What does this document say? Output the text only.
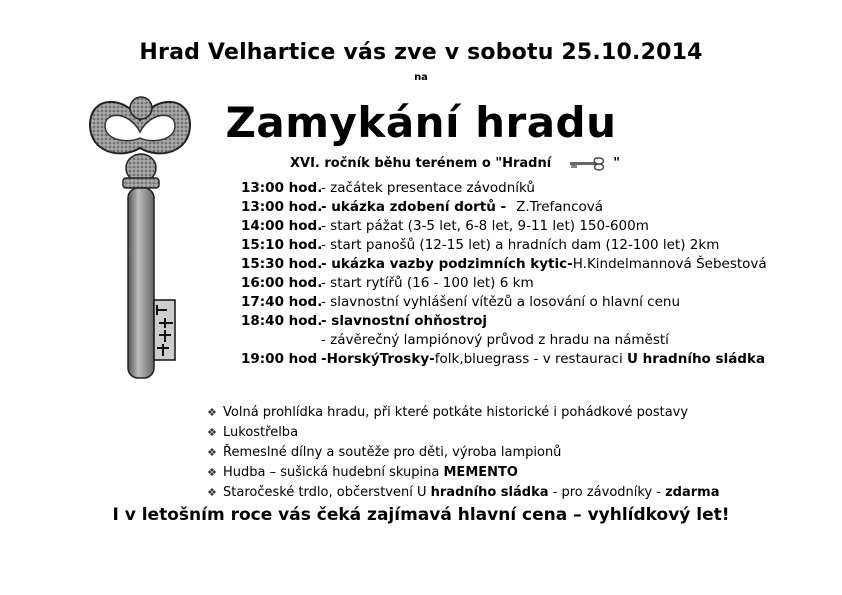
Hrad Velhartice vás zve v sobotu 25.10.2014
na
Zamykání hradu
XVI. ročník běhu terénem o "Hradní	"
13:00 hod.- začátek presentace závodníků
13:00 hod.- ukázka zdobení dortů - Z.Trefancová
14:00 hod.- start pážat (3-5 let, 6-8 let, 9-11 let) 150-600m
15:10 hod.- start panošů (12-15 let) a hradních dam (12-100 let) 2km
15:30 hod.- ukázka vazby podzimních kytic-H.Kindelmannová Šebestová
16:00 hod.- start rytířů (16 - 100 let) 6 km
17:40 hod.- slavnostní vyhlášení vítězů a losování o hlavní cenu
18:40 hod.- slavnostní ohňostroj
- závěrečný lampiónový průvod z hradu na náměstí
19:00 hod -HorskýTrosky-folk,bluegrass - v restauraci U hradního sládka
❖ Volná prohlídka hradu, při které potkáte historické i pohádkové postavy
❖ Lukostřelba
❖ Řemeslné dílny a soutěže pro děti, výroba lampionů
❖ Hudba – sušická hudební skupina MEMENTO
❖ Staročeské trdlo, občerstvení U hradního sládka - pro závodníky - zdarma
I v letošním roce vás čeká zajímavá hlavní cena – vyhlídkový let!
